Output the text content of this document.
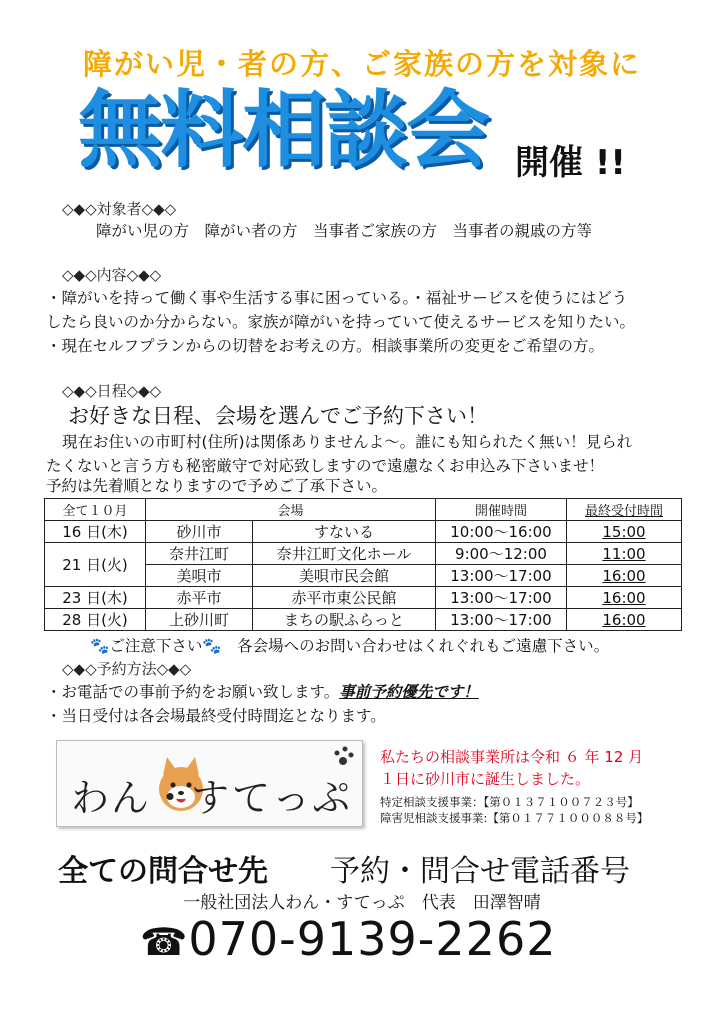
障がい児・者の方、ご家族の方を対象に
無料相談会 開催 !!
◇◆◇対象者◇◆◇
障がい児の方　障がい者の方　当事者ご家族の方　当事者の親戚の方等
◇◆◇内容◇◆◇
・障がいを持って働く事や生活する事に困っている。・福祉サービスを使うにはどう
したら良いのか分からない。家族が障がいを持っていて使えるサービスを知りたい。
・現在セルフプランからの切替をお考えの方。相談事業所の変更をご希望の方。
◇◆◇日程◇◆◇
お好きな日程、会場を選んでご予約下さい！
現在お住いの市町村(住所)は関係ありませんよ～。誰にも知られたく無い！見られ
たくないと言う方も秘密厳守で対応致しますので遠慮なくお申込み下さいませ！
予約は先着順となりますので予めご了承下さい。
全て１０月	会場		開催時間	最終受付時間
16 日(木)	砂川市	すないる	10:00～16:00	15:00
21 日(火)	奈井江町	奈井江町文化ホール	9:00～12:00	11:00
	美唄市	美唄市民会館	13:00～17:00	16:00
23 日(木)	赤平市	赤平市東公民館	13:00～17:00	16:00
28 日(火)	上砂川町	まちの駅ふらっと	13:00～17:00	16:00
🐾ご注意下さい🐾　 各会場へのお問い合わせはくれぐれもご遠慮下さい。
◇◆◇予約方法◇◆◇
・お電話での事前予約をお願い致します。事前予約優先です！
・当日受付は各会場最終受付時間迄となります。
わん・すてっぷ
私たちの相談事業所は令和 ６ 年 12 月
１日に砂川市に誕生しました。
特定相談支援事業：【第０１３７１００７２３号】
障害児相談支援事業:【第０１７７１０００８８号】
全ての問合せ先 予約・問合せ電話番号
一般社団法人わん・すてっぷ　代表　田澤智晴
☎070-9139-2262
